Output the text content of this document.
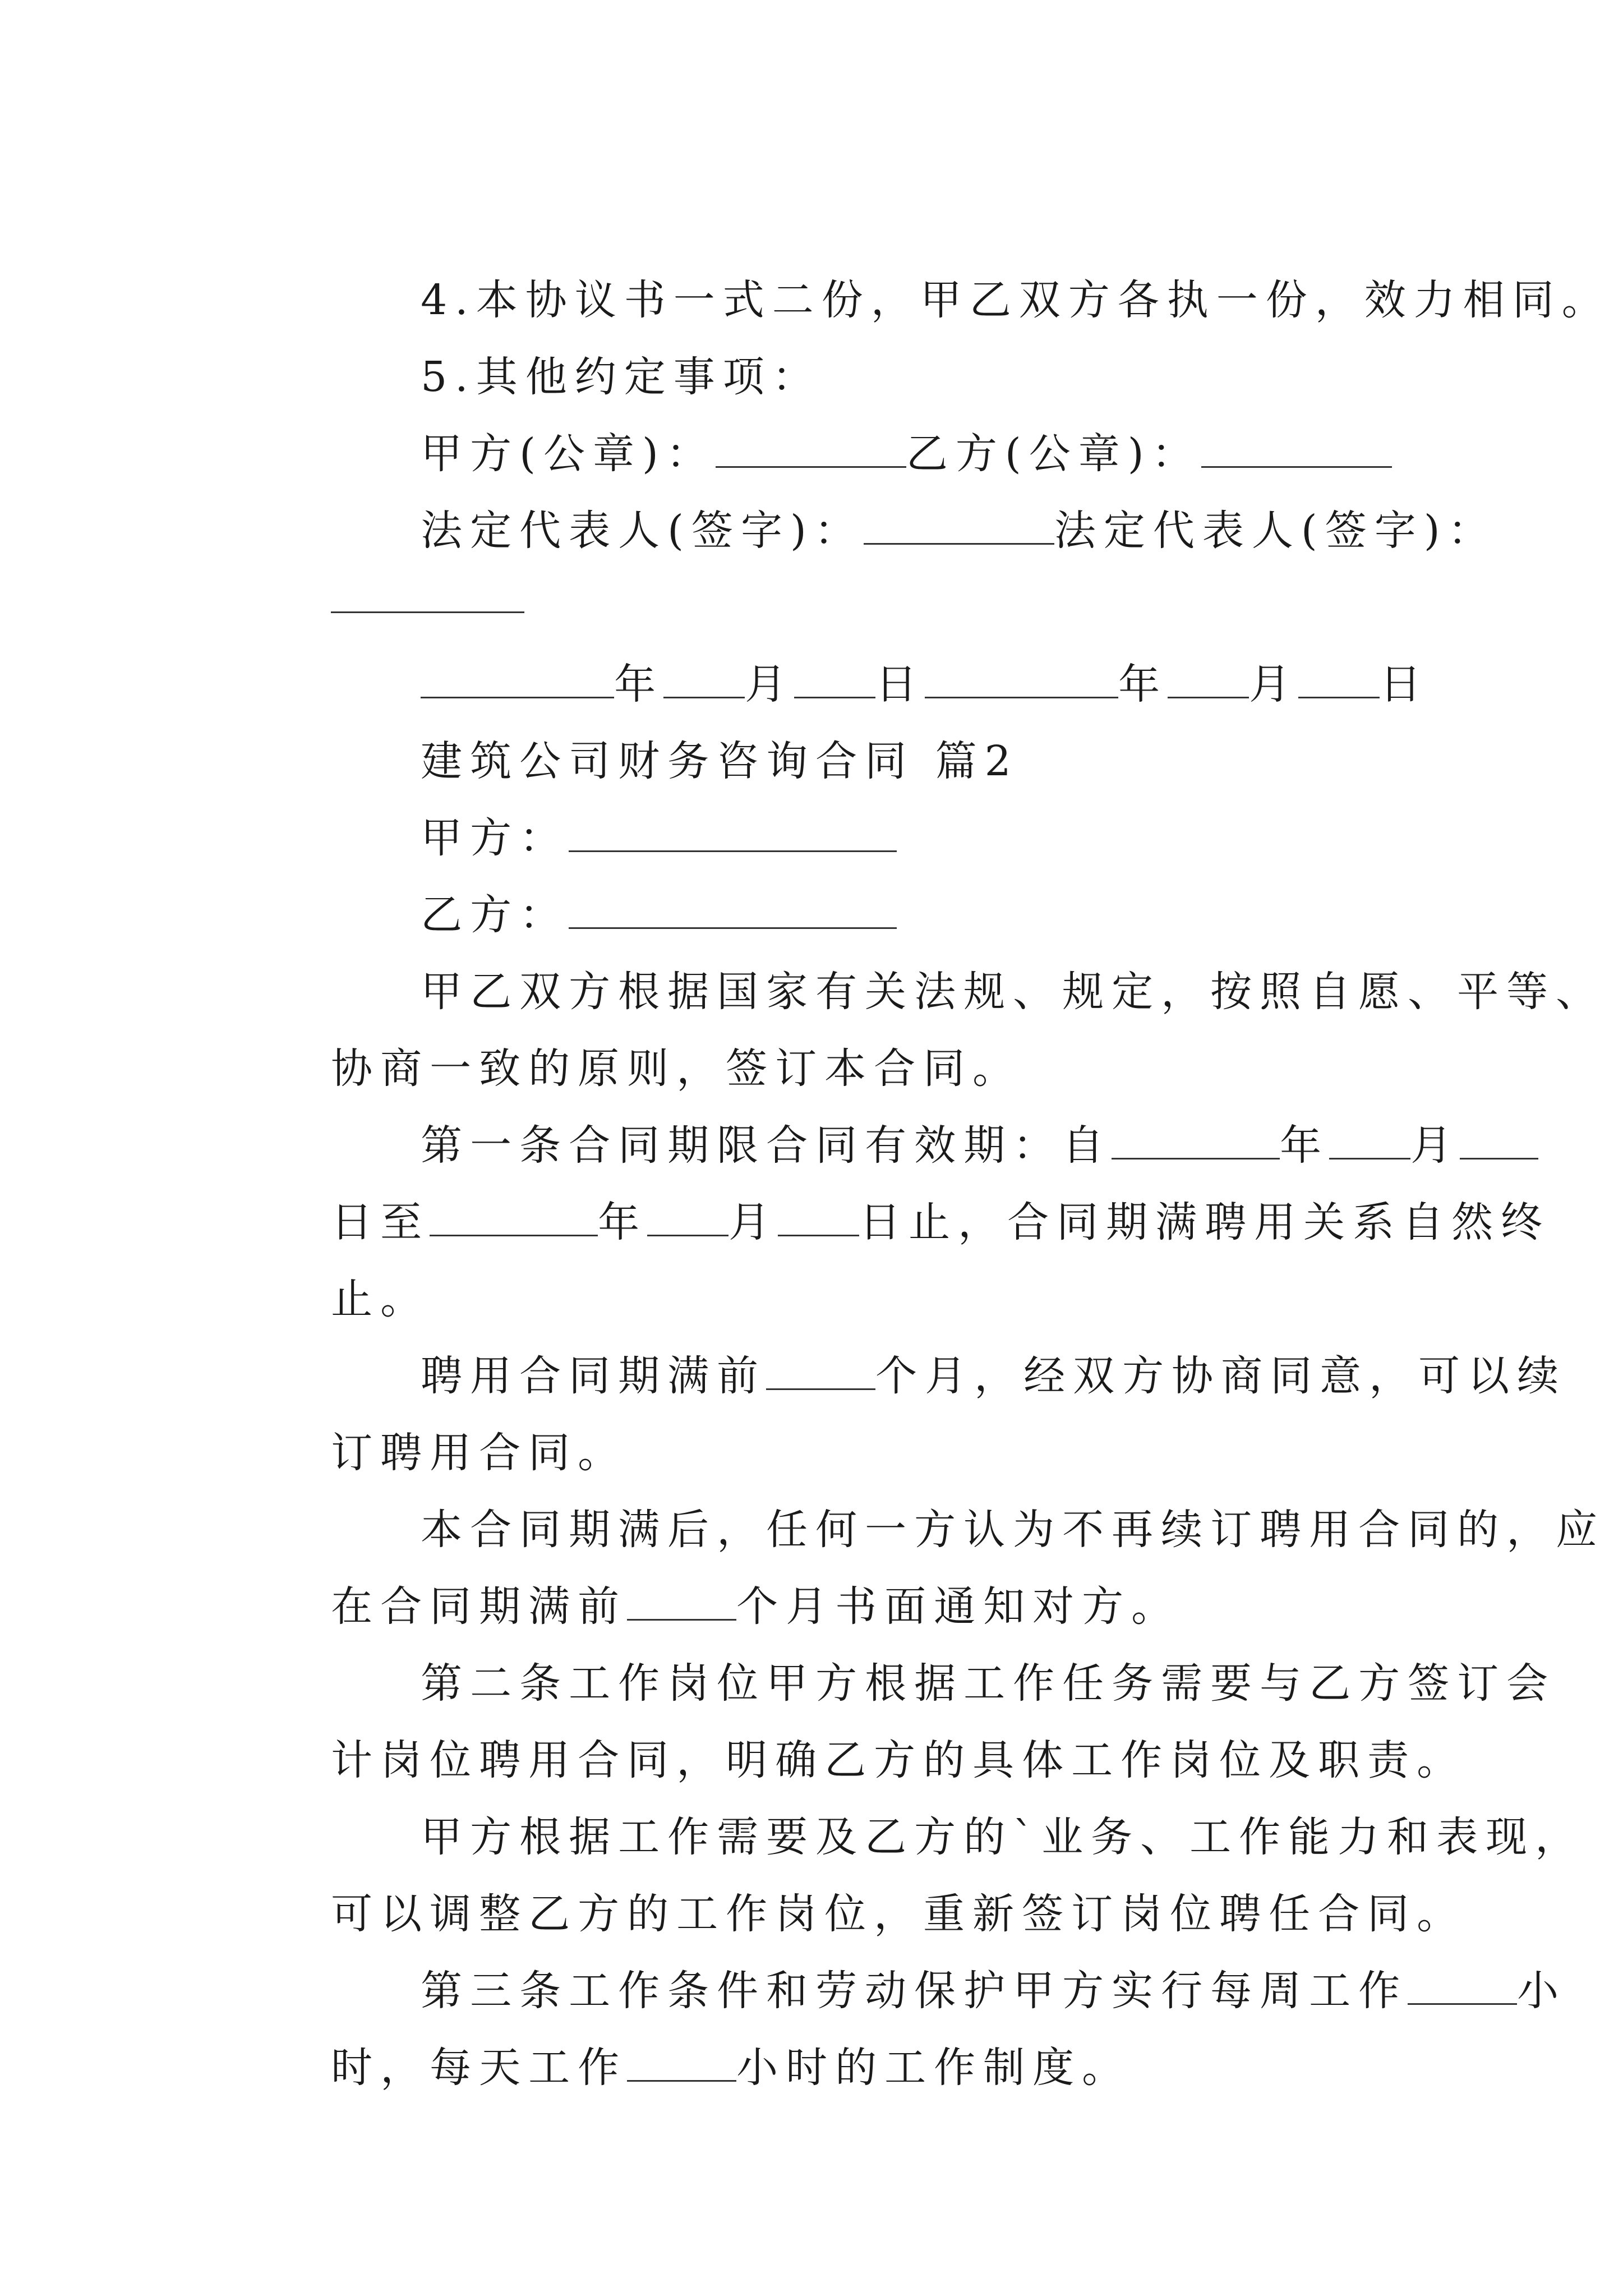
4.本协议书一式二份，甲乙双方各执一份，效力相同。

5.其他约定事项：

甲方(公章)：	乙方(公章)：

法定代表人(签字)：	法定代表人(签字)：

年 月 日	年 月 日

建筑公司财务咨询合同 篇2

甲方：

乙方：

甲乙双方根据国家有关法规、规定，按照自愿、平等、

协商一致的原则，签订本合同。

第一条合同期限合同有效期：自	年 月

日至	年 月 日止，合同期满聘用关系自然终

止。

聘用合同期满前	个月，经双方协商同意，可以续

订聘用合同。

本合同期满后，任何一方认为不再续订聘用合同的，应

在合同期满前	个月书面通知对方。

第二条工作岗位甲方根据工作任务需要与乙方签订会

计岗位聘用合同，明确乙方的具体工作岗位及职责。

甲方根据工作需要及乙方的`业务、工作能力和表现，

可以调整乙方的工作岗位，重新签订岗位聘任合同。

第三条工作条件和劳动保护甲方实行每周工作	小

时，每天工作	小时的工作制度。
